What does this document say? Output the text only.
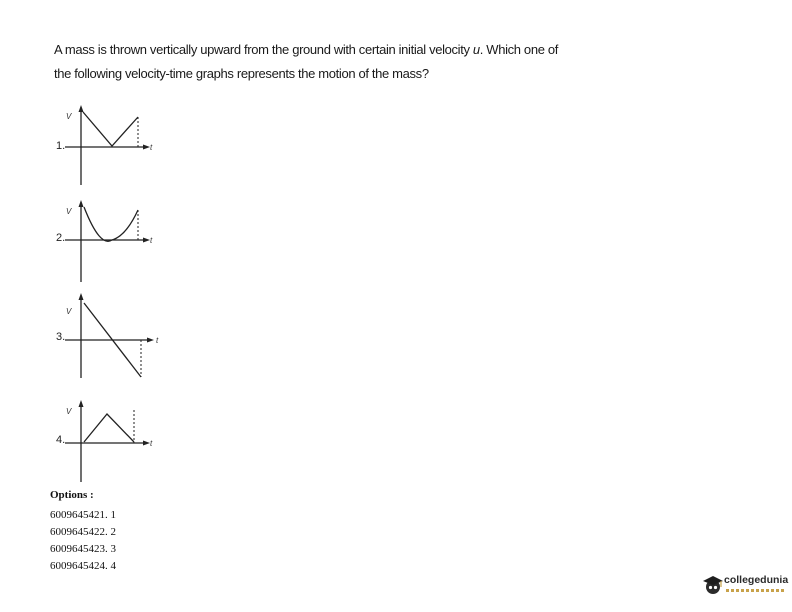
A mass is thrown vertically upward from the ground with certain initial velocity u. Which one of the following velocity-time graphs represents the motion of the mass?
1.
V
t
2.
V
t
3.
V
t
4.
V
t
Options :
6009645421. 1
6009645422. 2
6009645423. 3
6009645424. 4
collegedunia
